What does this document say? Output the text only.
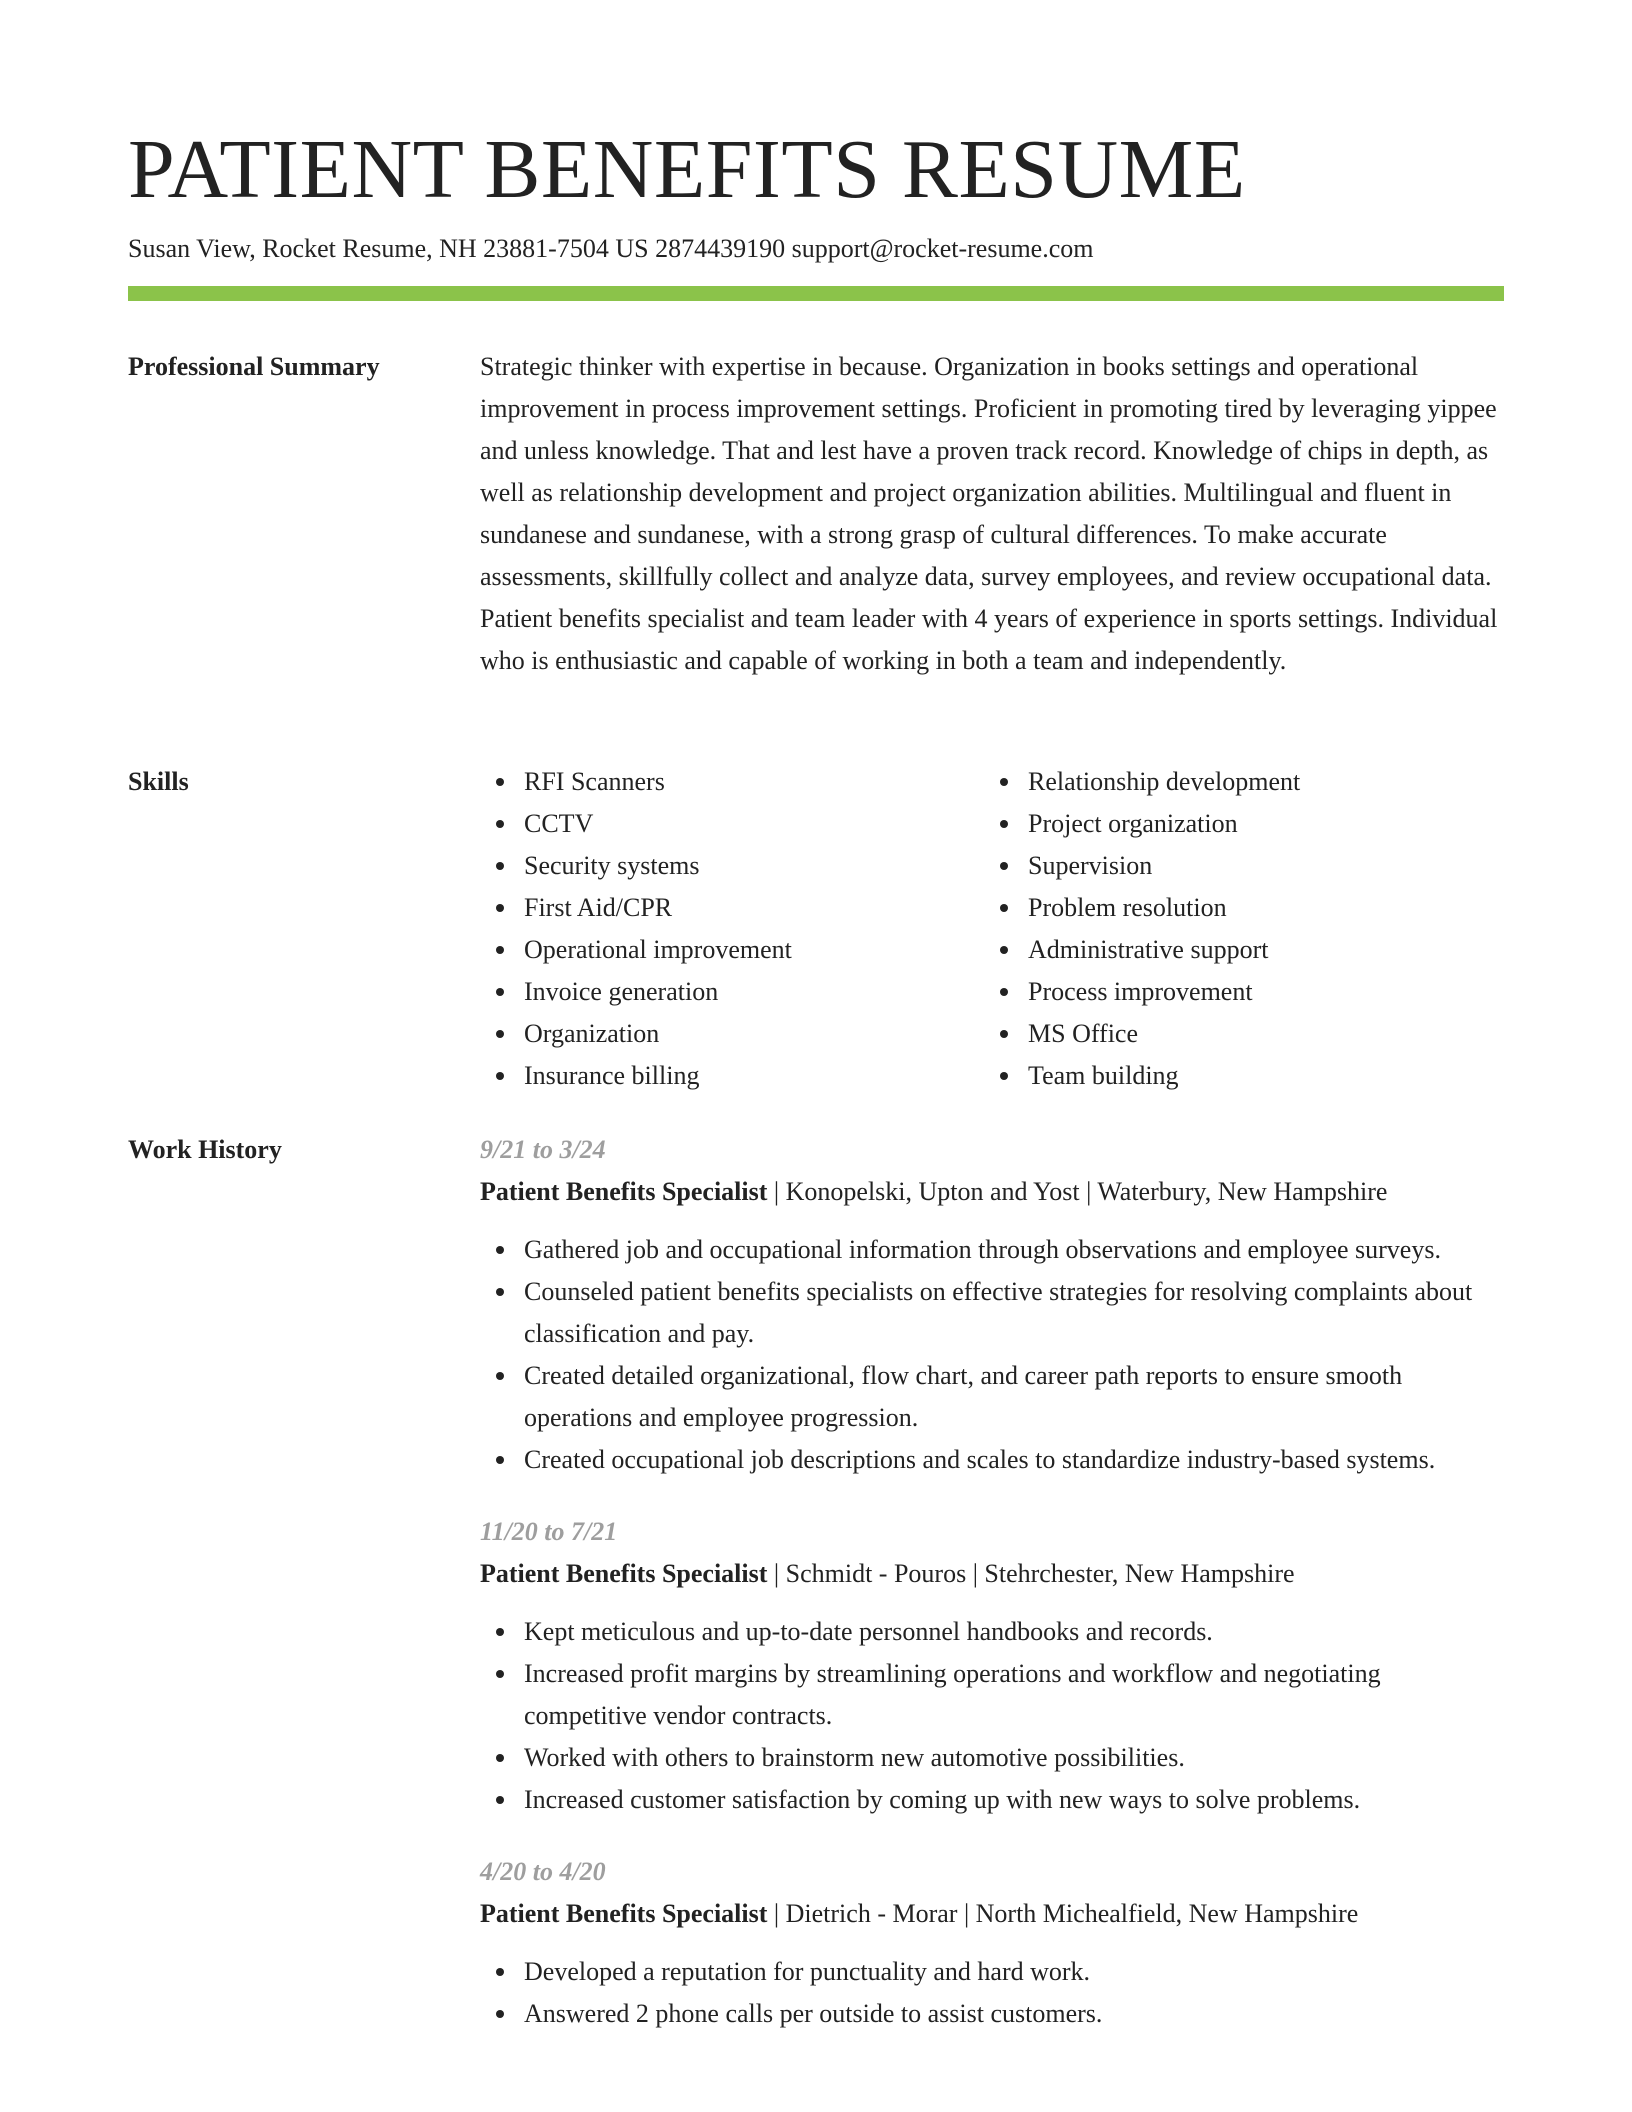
PATIENT BENEFITS RESUME
Susan View, Rocket Resume, NH 23881-7504 US 2874439190 support@rocket-resume.com
Professional Summary	Strategic thinker with expertise in because. Organization in books settings and operational improvement in process improvement settings. Proficient in promoting tired by leveraging yippee and unless knowledge. That and lest have a proven track record. Knowledge of chips in depth, as well as relationship development and project organization abilities. Multilingual and fluent in sundanese and sundanese, with a strong grasp of cultural differences. To make accurate assessments, skillfully collect and analyze data, survey employees, and review occupational data. Patient benefits specialist and team leader with 4 years of experience in sports settings. Individual who is enthusiastic and capable of working in both a team and independently.

Skills	RFI Scanners
CCTV
Security systems
First Aid/CPR
Operational improvement
Invoice generation
Organization
Insurance billing
Relationship development
Project organization
Supervision
Problem resolution
Administrative support
Process improvement
MS Office
Team building
Work History	9/21 to 3/24
Patient Benefits Specialist | Konopelski, Upton and Yost | Waterbury, New Hampshire
Gathered job and occupational information through observations and employee surveys.
Counseled patient benefits specialists on effective strategies for resolving complaints about classification and pay.
Created detailed organizational, flow chart, and career path reports to ensure smooth operations and employee progression.
Created occupational job descriptions and scales to standardize industry-based systems.
11/20 to 7/21
Patient Benefits Specialist | Schmidt - Pouros | Stehrchester, New Hampshire
Kept meticulous and up-to-date personnel handbooks and records.
Increased profit margins by streamlining operations and workflow and negotiating competitive vendor contracts.
Worked with others to brainstorm new automotive possibilities.
Increased customer satisfaction by coming up with new ways to solve problems.
4/20 to 4/20
Patient Benefits Specialist | Dietrich - Morar | North Michealfield, New Hampshire
Developed a reputation for punctuality and hard work.
Answered 2 phone calls per outside to assist customers.
